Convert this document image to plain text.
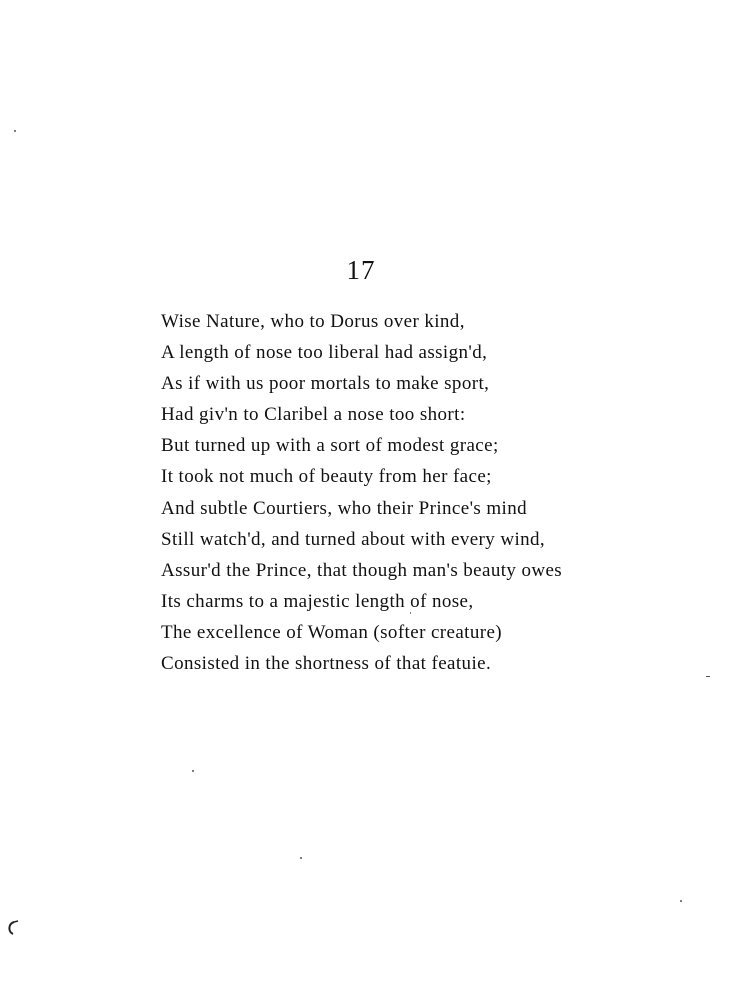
17
Wise Nature, who to Dorus over kind,
A length of nose too liberal had assign'd,
As if with us poor mortals to make sport,
Had giv'n to Claribel a nose too short:
But turned up with a sort of modest grace;
It took not much of beauty from her face;
And subtle Courtiers, who their Prince's mind
Still watch'd, and turned about with every wind,
Assur'd the Prince, that though man's beauty owes
Its charms to a majestic length of nose,
The excellence of Woman (softer creature)
Consisted in the shortness of that featuie.
